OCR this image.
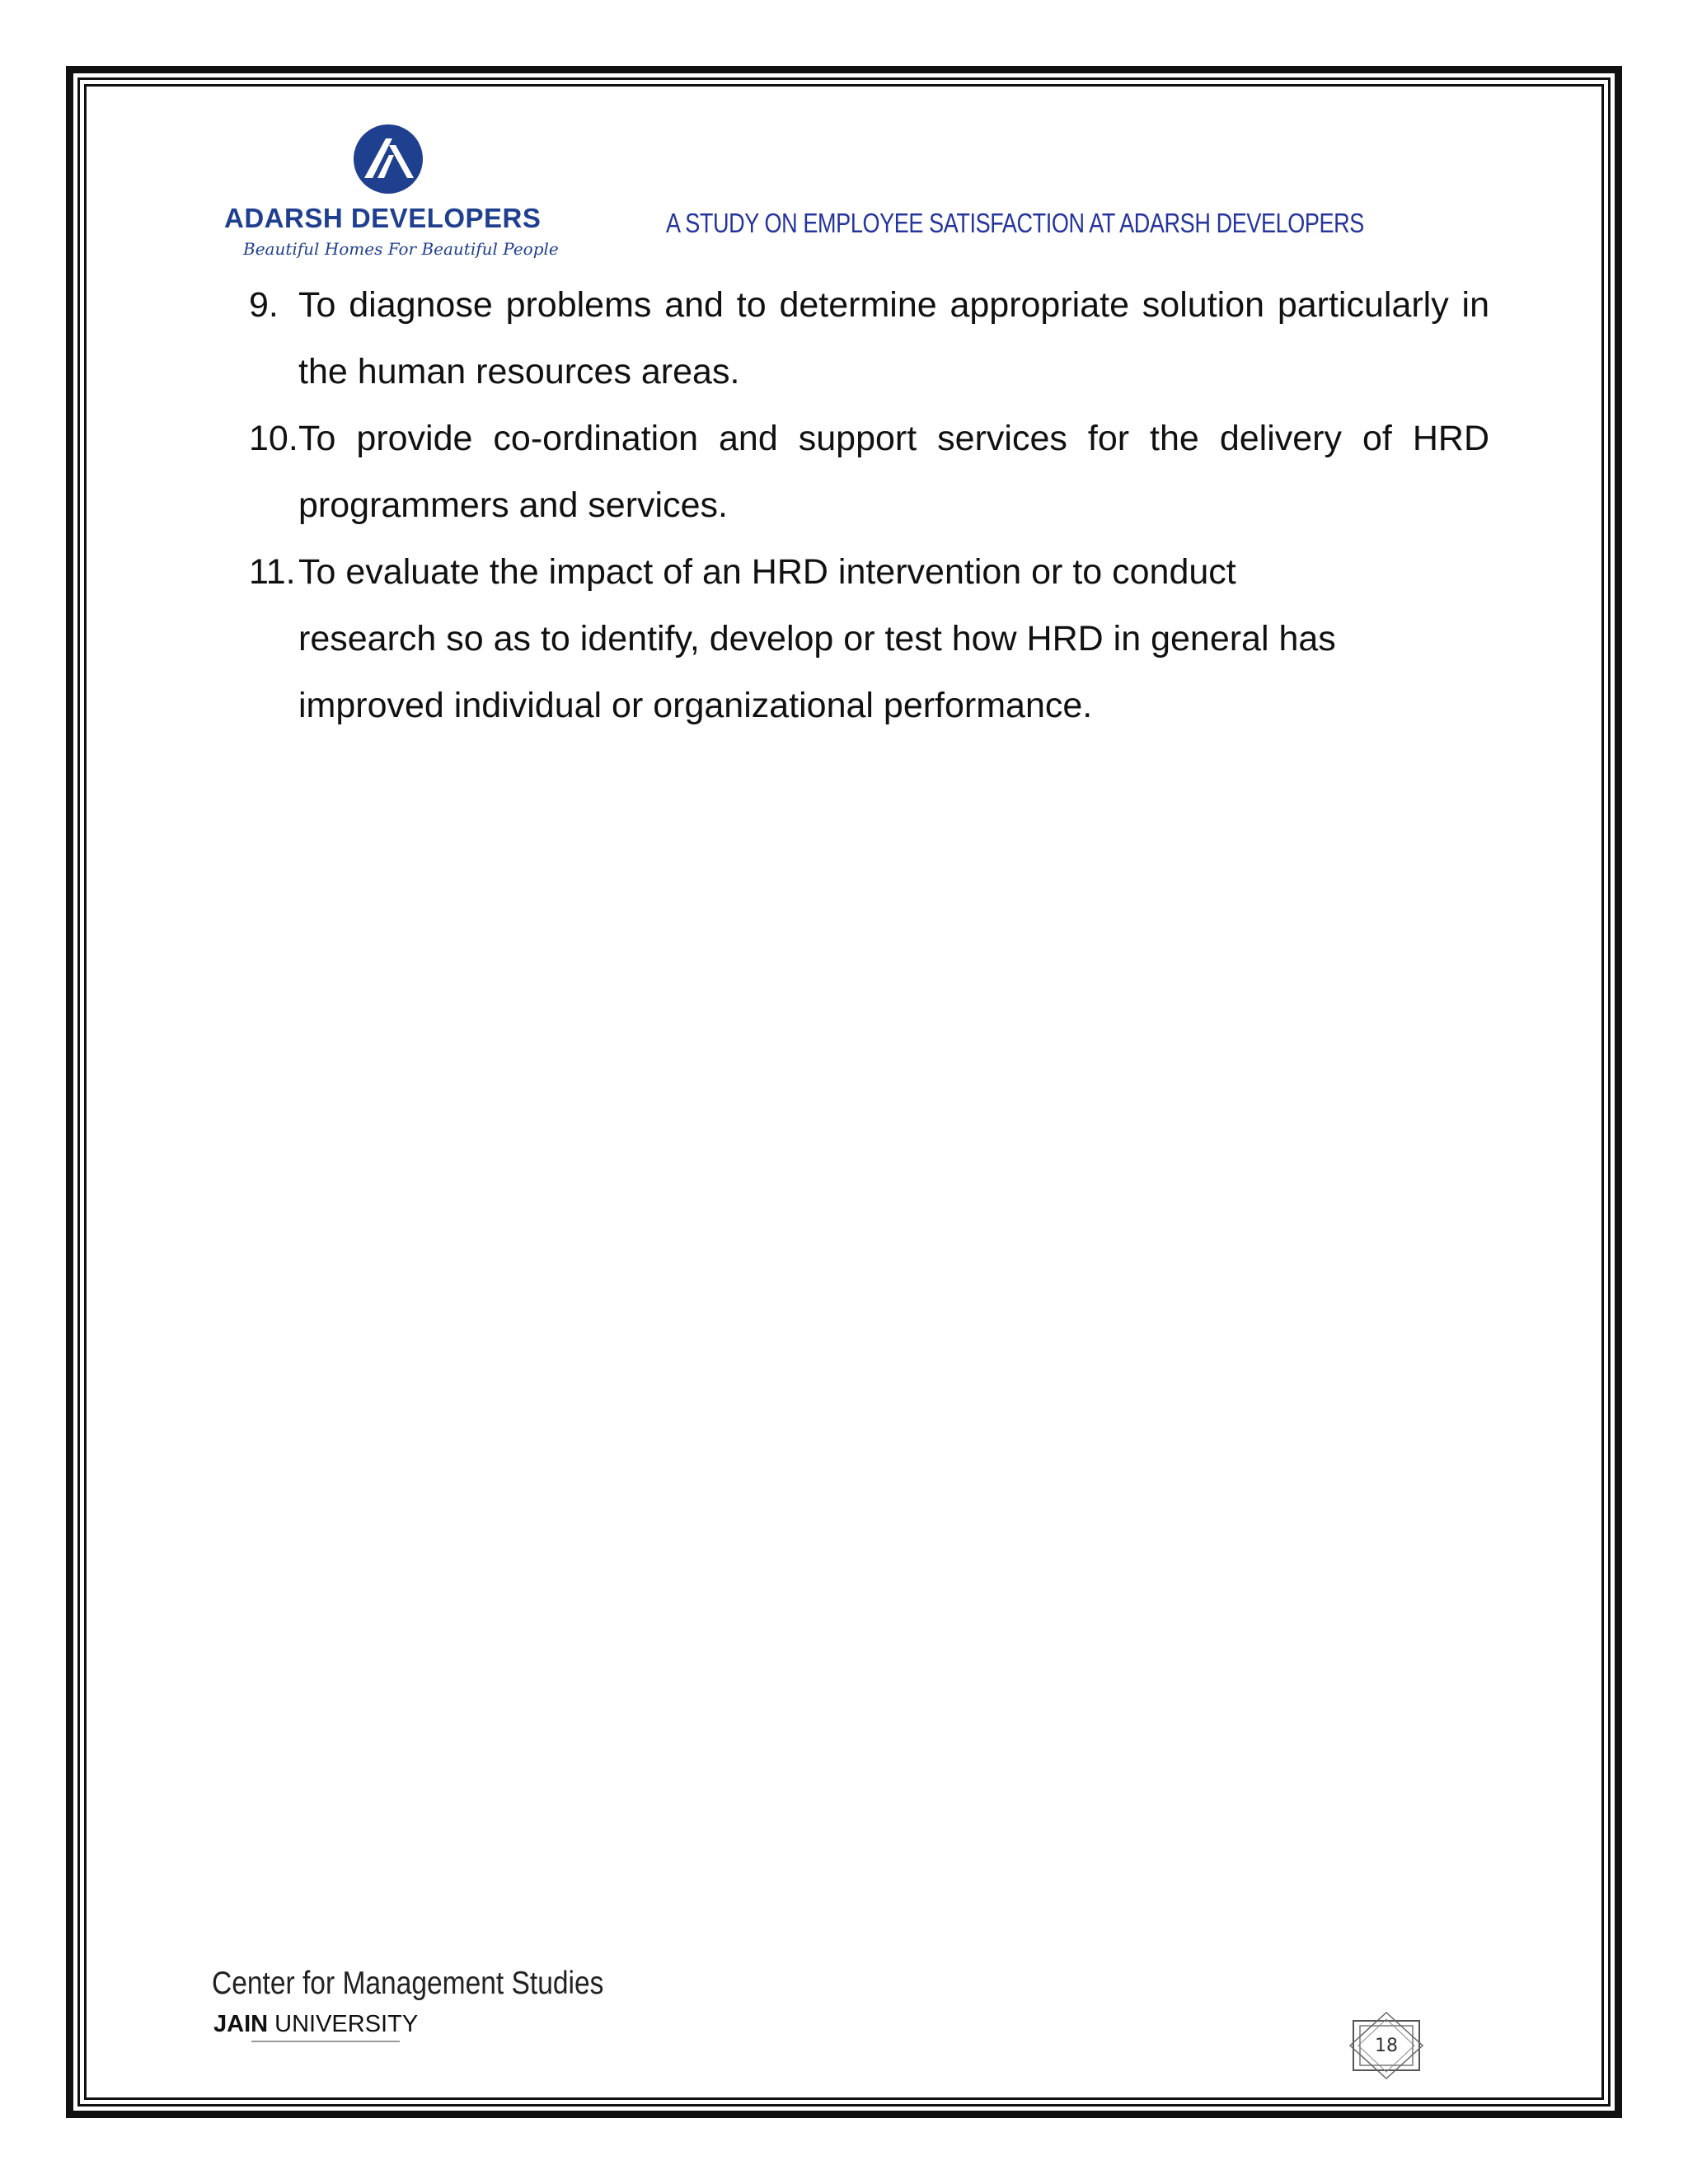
ADARSH DEVELOPERS
Beautiful Homes For Beautiful People
A STUDY ON EMPLOYEE SATISFACTION AT ADARSH DEVELOPERS
9. To diagnose problems and to determine appropriate solution particularly in the human resources areas.
10. To provide co-ordination and support services for the delivery of HRD programmers and services.
11. To evaluate the impact of an HRD intervention or to conduct research so as to identify, develop or test how HRD in general has improved individual or organizational performance.
Center for Management Studies
JAIN UNIVERSITY
18
